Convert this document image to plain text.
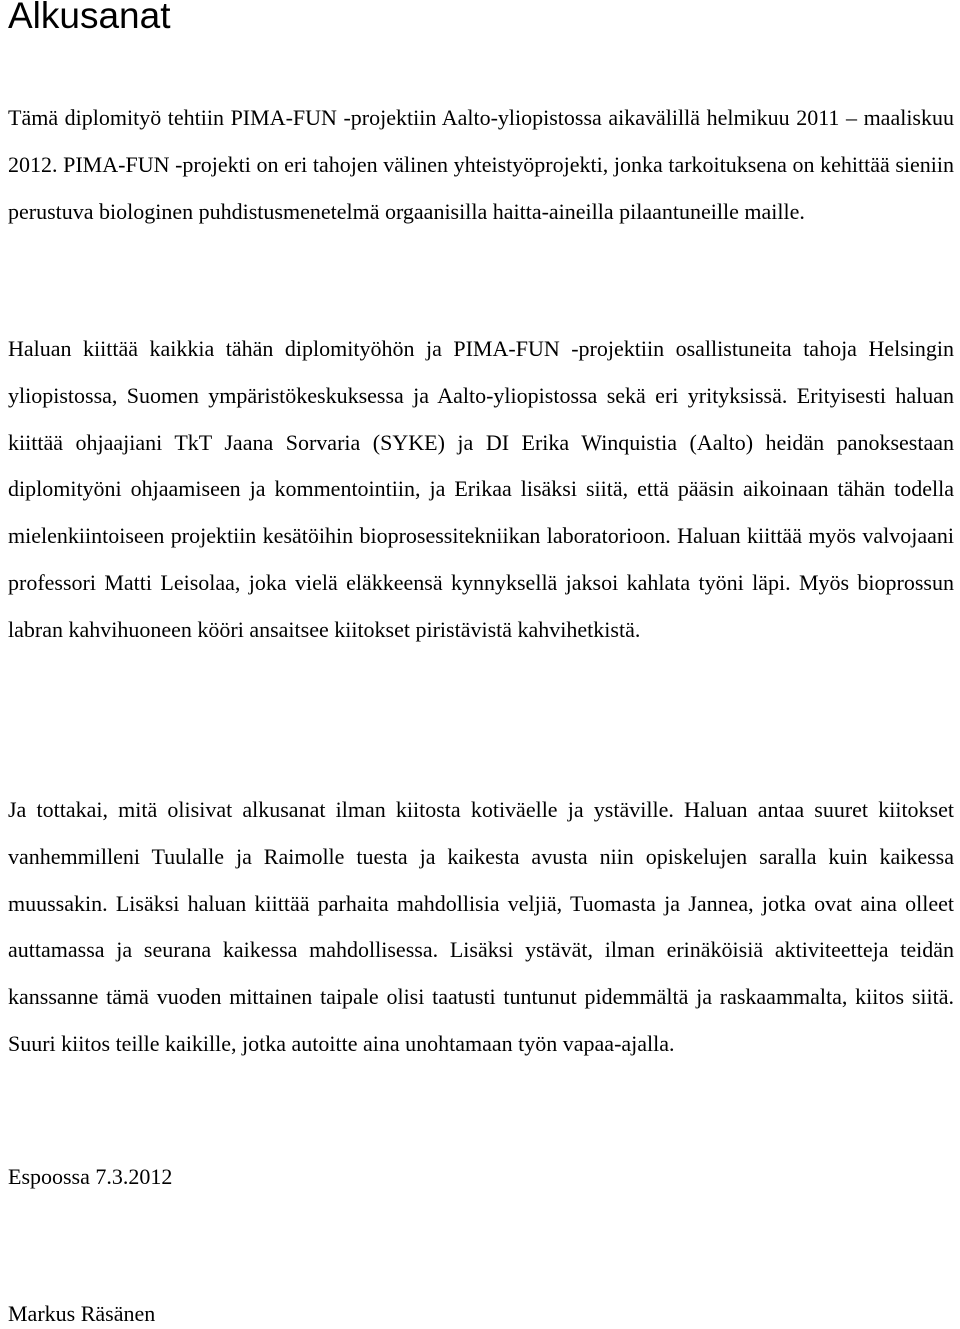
Alkusanat

Tämä diplomityö tehtiin PIMA-FUN -projektiin Aalto-yliopistossa aikavälillä helmikuu 2011 – maaliskuu 2012. PIMA-FUN -projekti on eri tahojen välinen yhteistyöprojekti, jonka tarkoituksena on kehittää sieniin perustuva biologinen puhdistusmenetelmä orgaanisilla haitta-aineilla pilaantuneille maille.

Haluan kiittää kaikkia tähän diplomityöhön ja PIMA-FUN -projektiin osallistuneita tahoja Helsingin yliopistossa, Suomen ympäristökeskuksessa ja Aalto-yliopistossa sekä eri yrityksissä. Erityisesti haluan kiittää ohjaajiani TkT Jaana Sorvaria (SYKE) ja DI Erika Winquistia (Aalto) heidän panoksestaan diplomityöni ohjaamiseen ja kommentointiin, ja Erikaa lisäksi siitä, että pääsin aikoinaan tähän todella mielenkiintoiseen projektiin kesätöihin bioprosessitekniikan laboratorioon. Haluan kiittää myös valvojaani professori Matti Leisolaa, joka vielä eläkkeensä kynnyksellä jaksoi kahlata työni läpi. Myös bioprossun labran kahvihuoneen kööri ansaitsee kiitokset piristävistä kahvihetkistä.

Ja tottakai, mitä olisivat alkusanat ilman kiitosta kotiväelle ja ystäville. Haluan antaa suuret kiitokset vanhemmilleni Tuulalle ja Raimolle tuesta ja kaikesta avusta niin opiskelujen saralla kuin kaikessa muussakin. Lisäksi haluan kiittää parhaita mahdollisia veljiä, Tuomasta ja Jannea, jotka ovat aina olleet auttamassa ja seurana kaikessa mahdollisessa. Lisäksi ystävät, ilman erinäköisiä aktiviteetteja teidän kanssanne tämä vuoden mittainen taipale olisi taatusti tuntunut pidemmältä ja raskaammalta, kiitos siitä. Suuri kiitos teille kaikille, jotka autoitte aina unohtamaan työn vapaa-ajalla.

Espoossa 7.3.2012

Markus Räsänen
